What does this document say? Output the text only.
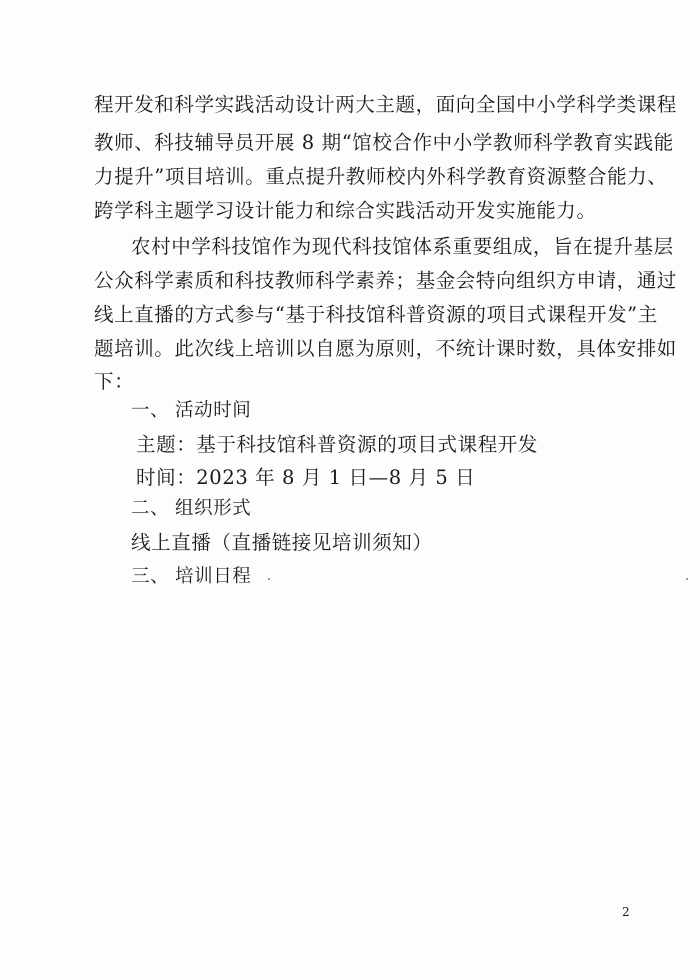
程开发和科学实践活动设计两大主题，面向全国中小学科学类课程
教师、科技辅导员开展 8 期“馆校合作中小学教师科学教育实践能
力提升”项目培训。重点提升教师校内外科学教育资源整合能力、
跨学科主题学习设计能力和综合实践活动开发实施能力。
农村中学科技馆作为现代科技馆体系重要组成，旨在提升基层
公众科学素质和科技教师科学素养；基金会特向组织方申请，通过
线上直播的方式参与“基于科技馆科普资源的项目式课程开发”主
题培训。此次线上培训以自愿为原则，不统计课时数，具体安排如
下：
一、 活动时间
主题：基于科技馆科普资源的项目式课程开发
时间：2023 年 8 月 1 日—8 月 5 日
二、 组织形式
线上直播（直播链接见培训须知）
三、 培训日程
2
